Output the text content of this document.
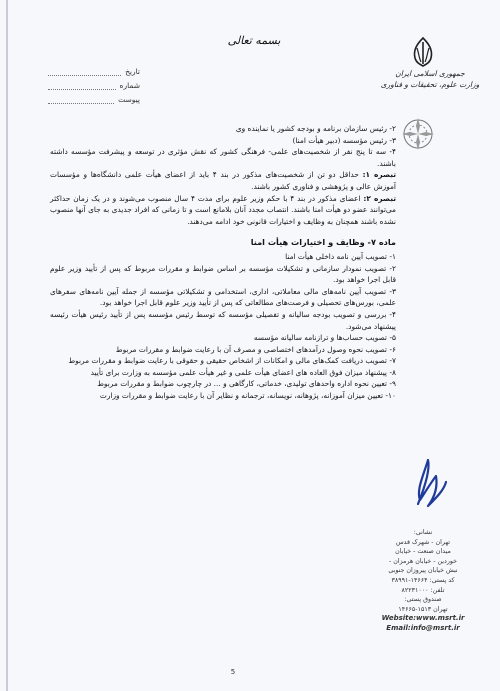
بسمه تعالی
جمهوری اسلامی ایران
وزارت علوم، تحقیقات و فناوری
تاریخ
شماره
پیوست

۲- رئیس سازمان برنامه و بودجه کشور یا نماینده وی

۳- رئیس مؤسسه (دبیر هیأت امنا)

۴- سه تا پنج نفر از شخصیت‌های علمی- فرهنگی کشور که نقش مؤثری در توسعه و پیشرفت مؤسسه داشته باشند.

تبصره ۱: حداقل دو تن از شخصیت‌های مذکور در بند ۴ باید از اعضای هیأت علمی دانشگاه‌ها و مؤسسات آموزش عالی و پژوهشی و فناوری کشور باشند.

تبصره ۲: اعضای مذکور در بند ۴ با حکم وزیر علوم برای مدت ۴ سال منصوب می‌شوند و در یک زمان حداکثر می‌توانند عضو دو هیأت امنا باشند. انتصاب مجدد آنان بلامانع است و تا زمانی که افراد جدیدی به جای آنها منصوب نشده باشند همچنان به وظایف و اختیارات قانونی خود ادامه می‌دهند.

ماده ۷- وظایف و اختیارات هیأت امنا

۱- تصویب آیین نامه داخلی هیأت امنا

۲- تصویب نمودار سازمانی و تشکیلات مؤسسه بر اساس ضوابط و مقررات مربوط که پس از تأیید وزیر علوم قابل اجرا خواهد بود.

۳- تصویب آیین نامه‌های مالی معاملاتی، اداری، استخدامی و تشکیلاتی مؤسسه از جمله آیین نامه‌های سفرهای علمی، بورس‌های تحصیلی و فرصت‌های مطالعاتی که پس از تأیید وزیر علوم قابل اجرا خواهد بود.

۴- بررسی و تصویب بودجه سالیانه و تفصیلی مؤسسه که توسط رئیس مؤسسه پس از تأیید رئیس هیأت رئیسه پیشنهاد می‌شود.

۵- تصویب حساب‌ها و ترازنامه سالیانه مؤسسه

۶- تصویب نحوه وصول درآمدهای اختصاصی و مصرف آن با رعایت ضوابط و مقررات مربوط

۷- تصویب دریافت کمک‌های مالی و امکانات از اشخاص حقیقی و حقوقی با رعایت ضوابط و مقررات مربوط

۸- پیشنهاد میزان فوق العاده های اعضای هیأت علمی و غیر هیأت علمی مؤسسه به وزارت برای تأیید

۹- تعیین نحوه اداره واحدهای تولیدی، خدماتی، کارگاهی و ... در چارچوب ضوابط و مقررات مربوط

۱۰- تعیین میزان آموزانه، پژوهانه، نویسانه، ترجمانه و نظایر آن با رعایت ضوابط و مقررات وزارت

نشانی:
تهران - شهرک قدس
میدان صنعت - خیابان
خوردین - خیابان هرمزان -
نبش خیابان پیروزان جنوبی
کد پستی: ۱۴۶۶۴-۳۸۹۹۱
تلفن: ۸۲۲۳۱۰۰۰
صندوق پستی:
تهران ۱۵۱۳-۱۴۶۶۵
Website:www.msrt.ir
Email:info@msrt.ir
5
